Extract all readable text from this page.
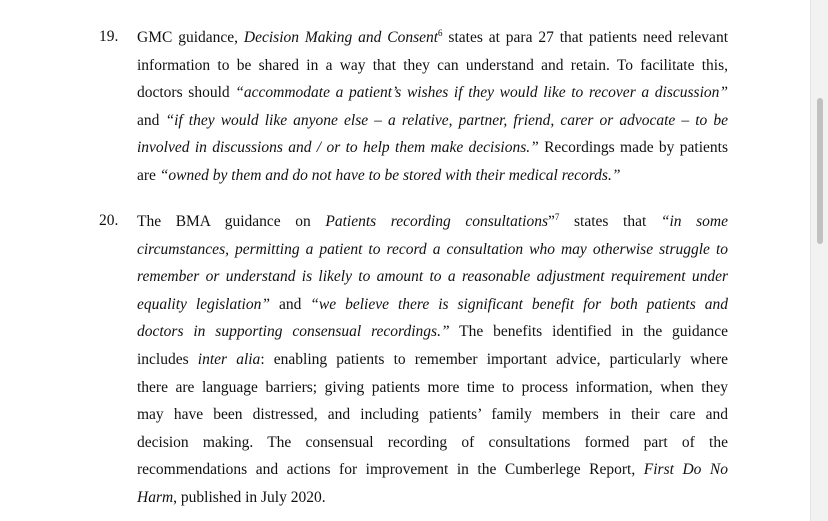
19. GMC guidance, Decision Making and Consent$^6$ states at para 27 that patients need relevant
information to be shared in a way that they can understand and retain. To facilitate this,
doctors should “accommodate a patient’s wishes if they would like to recover a discussion”
and “if they would like anyone else – a relative, partner, friend, carer or advocate – to be
involved in discussions and / or to help them make decisions.” Recordings made by patients
are “owned by them and do not have to be stored with their medical records.”
20. The BMA guidance on Patients recording consultations”$^7$ states that “in some
circumstances, permitting a patient to record a consultation who may otherwise struggle to
remember or understand is likely to amount to a reasonable adjustment requirement under
equality legislation” and “we believe there is significant benefit for both patients and
doctors in supporting consensual recordings.” The benefits identified in the guidance
includes inter alia: enabling patients to remember important advice, particularly where
there are language barriers; giving patients more time to process information, when they
may have been distressed, and including patients’ family members in their care and
decision making. The consensual recording of consultations formed part of the
recommendations and actions for improvement in the Cumberlege Report, First Do No
Harm, published in July 2020.
